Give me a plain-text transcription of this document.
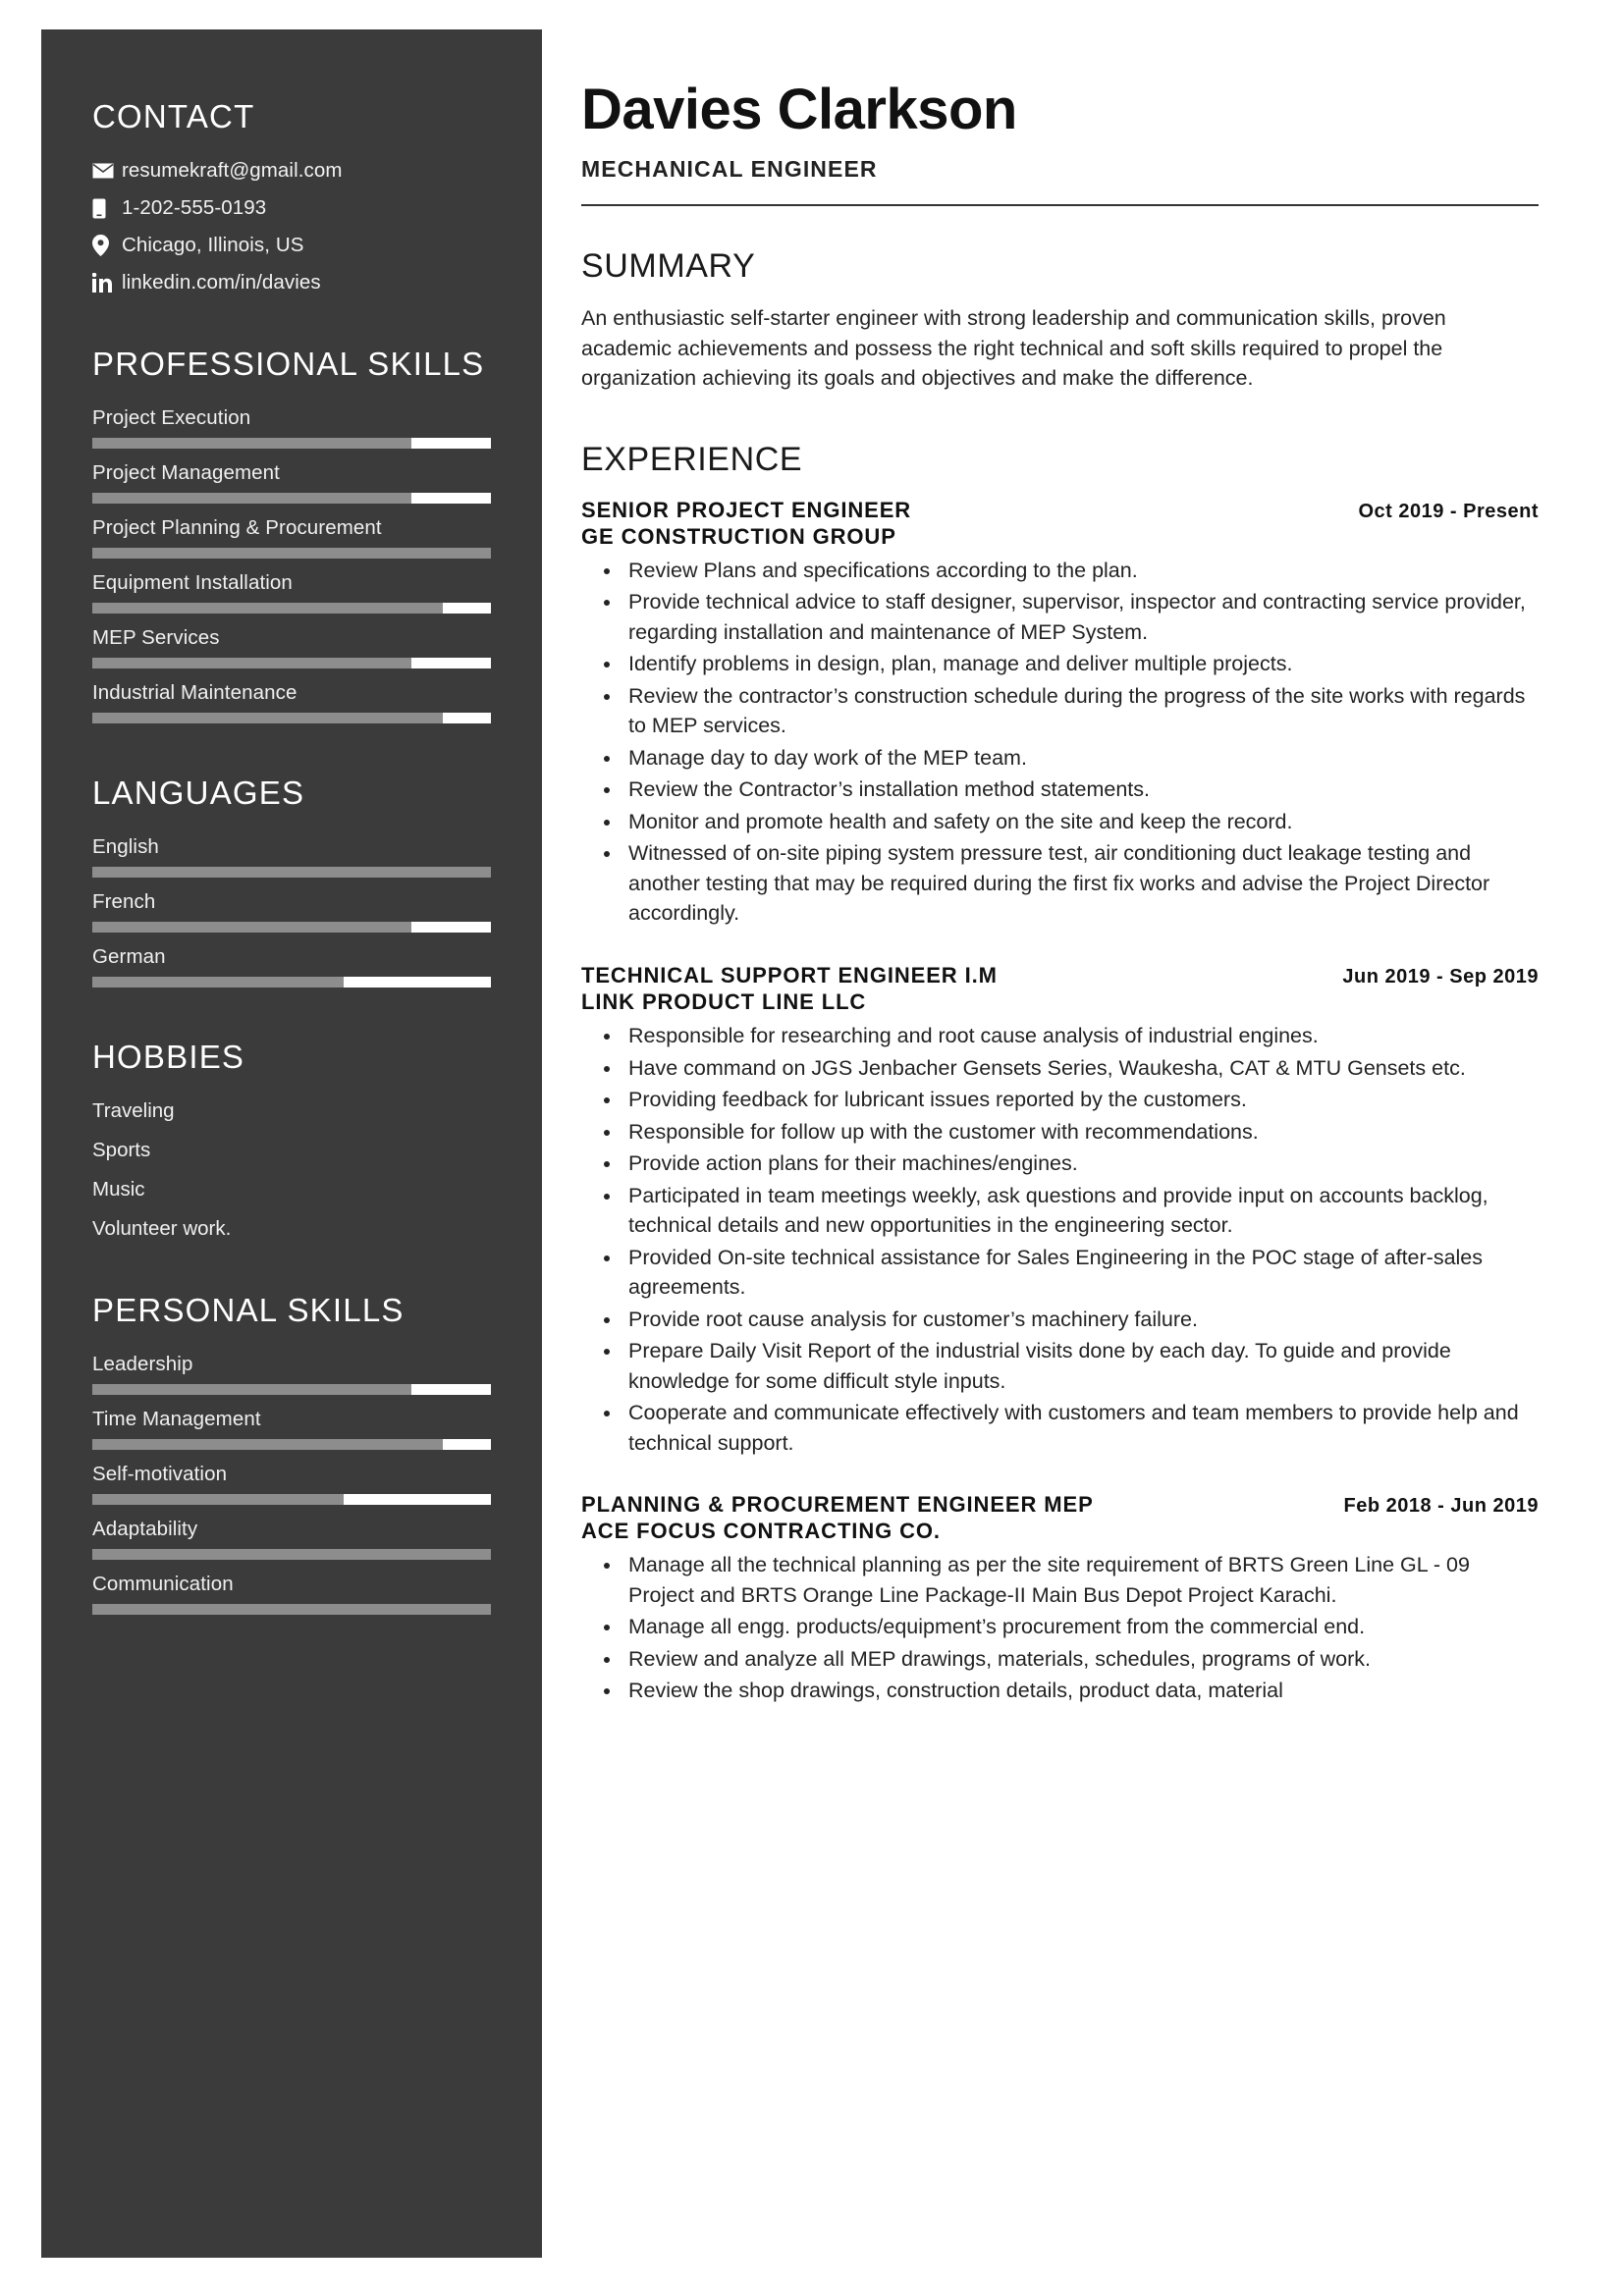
CONTACT
resumekraft@gmail.com
1-202-555-0193
Chicago, Illinois, US
linkedin.com/in/davies
PROFESSIONAL SKILLS
Project Execution
Project Management
Project Planning & Procurement
Equipment Installation
MEP Services
Industrial Maintenance
LANGUAGES
English
French
German
HOBBIES
Traveling
Sports
Music
Volunteer work.
PERSONAL SKILLS
Leadership
Time Management
Self-motivation
Adaptability
Communication
Davies Clarkson
MECHANICAL ENGINEER
SUMMARY

An enthusiastic self-starter engineer with strong leadership and communication skills, proven academic achievements and possess the right technical and soft skills required to propel the organization achieving its goals and objectives and make the difference.

EXPERIENCE
SENIOR PROJECT ENGINEER	Oct 2019 - Present
GE CONSTRUCTION GROUP
• Review Plans and specifications according to the plan.
• Provide technical advice to staff designer, supervisor, inspector and contracting service provider, regarding installation and maintenance of MEP System.
• Identify problems in design, plan, manage and deliver multiple projects.
• Review the contractor’s construction schedule during the progress of the site works with regards to MEP services.
• Manage day to day work of the MEP team.
• Review the Contractor’s installation method statements.
• Monitor and promote health and safety on the site and keep the record.
• Witnessed of on-site piping system pressure test, air conditioning duct leakage testing and another testing that may be required during the first fix works and advise the Project Director accordingly.
TECHNICAL SUPPORT ENGINEER I.M	Jun 2019 - Sep 2019
LINK PRODUCT LINE LLC
• Responsible for researching and root cause analysis of industrial engines.
• Have command on JGS Jenbacher Gensets Series, Waukesha, CAT & MTU Gensets etc.
• Providing feedback for lubricant issues reported by the customers.
• Responsible for follow up with the customer with recommendations.
• Provide action plans for their machines/engines.
• Participated in team meetings weekly, ask questions and provide input on accounts backlog, technical details and new opportunities in the engineering sector.
• Provided On-site technical assistance for Sales Engineering in the POC stage of after-sales agreements.
• Provide root cause analysis for customer’s machinery failure.
• Prepare Daily Visit Report of the industrial visits done by each day. To guide and provide knowledge for some difficult style inputs.
• Cooperate and communicate effectively with customers and team members to provide help and technical support.
PLANNING & PROCUREMENT ENGINEER MEP	Feb 2018 - Jun 2019
ACE FOCUS CONTRACTING CO.
• Manage all the technical planning as per the site requirement of BRTS Green Line GL - 09 Project and BRTS Orange Line Package-II Main Bus Depot Project Karachi.
• Manage all engg. products/equipment’s procurement from the commercial end.
• Review and analyze all MEP drawings, materials, schedules, programs of work.
• Review the shop drawings, construction details, product data, material
